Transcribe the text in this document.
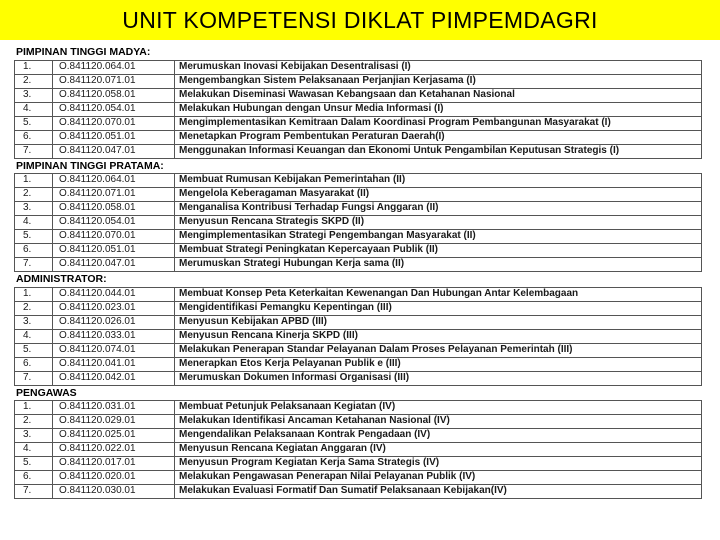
UNIT KOMPETENSI DIKLAT PIMPEMDAGRI
PIMPINAN TINGGI MADYA:
1.	O.841120.064.01	Merumuskan Inovasi Kebijakan Desentralisasi (I)
2.	O.841120.071.01	Mengembangkan Sistem Pelaksanaan Perjanjian Kerjasama (I)
3.	O.841120.058.01	Melakukan Diseminasi Wawasan Kebangsaan dan Ketahanan Nasional
4.	O.841120.054.01	Melakukan Hubungan dengan Unsur Media Informasi (I)
5.	O.841120.070.01	Mengimplementasikan Kemitraan Dalam Koordinasi Program Pembangunan Masyarakat (I)
6.	O.841120.051.01	Menetapkan Program Pembentukan Peraturan Daerah(I)
7.	O.841120.047.01	Menggunakan Informasi Keuangan dan Ekonomi Untuk Pengambilan Keputusan Strategis (I)
PIMPINAN TINGGI PRATAMA:
1.	O.841120.064.01	Membuat Rumusan Kebijakan Pemerintahan (II)
2.	O.841120.071.01	Mengelola Keberagaman Masyarakat (II)
3.	O.841120.058.01	Menganalisa Kontribusi Terhadap Fungsi Anggaran (II)
4.	O.841120.054.01	Menyusun Rencana Strategis SKPD (II)
5.	O.841120.070.01	Mengimplementasikan Strategi Pengembangan Masyarakat (II)
6.	O.841120.051.01	Membuat Strategi Peningkatan Kepercayaan Publik (II)
7.	O.841120.047.01	Merumuskan Strategi Hubungan Kerja sama (II)
ADMINISTRATOR:
1.	O.841120.044.01	Membuat Konsep Peta Keterkaitan Kewenangan Dan Hubungan Antar Kelembagaan
2.	O.841120.023.01	Mengidentifikasi Pemangku Kepentingan (III)
3.	O.841120.026.01	Menyusun Kebijakan APBD (III)
4.	O.841120.033.01	Menyusun Rencana Kinerja SKPD (III)
5.	O.841120.074.01	Melakukan Penerapan Standar Pelayanan Dalam Proses Pelayanan Pemerintah (III)
6.	O.841120.041.01	Menerapkan Etos Kerja Pelayanan Publik e (III)
7.	O.841120.042.01	Merumuskan Dokumen Informasi Organisasi (III)
PENGAWAS
1.	O.841120.031.01	Membuat Petunjuk Pelaksanaan Kegiatan (IV)
2.	O.841120.029.01	Melakukan Identifikasi Ancaman Ketahanan Nasional (IV)
3.	O.841120.025.01	Mengendalikan Pelaksanaan Kontrak Pengadaan (IV)
4.	O.841120.022.01	Menyusun Rencana Kegiatan Anggaran (IV)
5.	O.841120.017.01	Menyusun Program Kegiatan Kerja Sama Strategis (IV)
6.	O.841120.020.01	Melakukan Pengawasan Penerapan Nilai Pelayanan Publik (IV)
7.	O.841120.030.01	Melakukan Evaluasi Formatif Dan Sumatif Pelaksanaan Kebijakan(IV)
